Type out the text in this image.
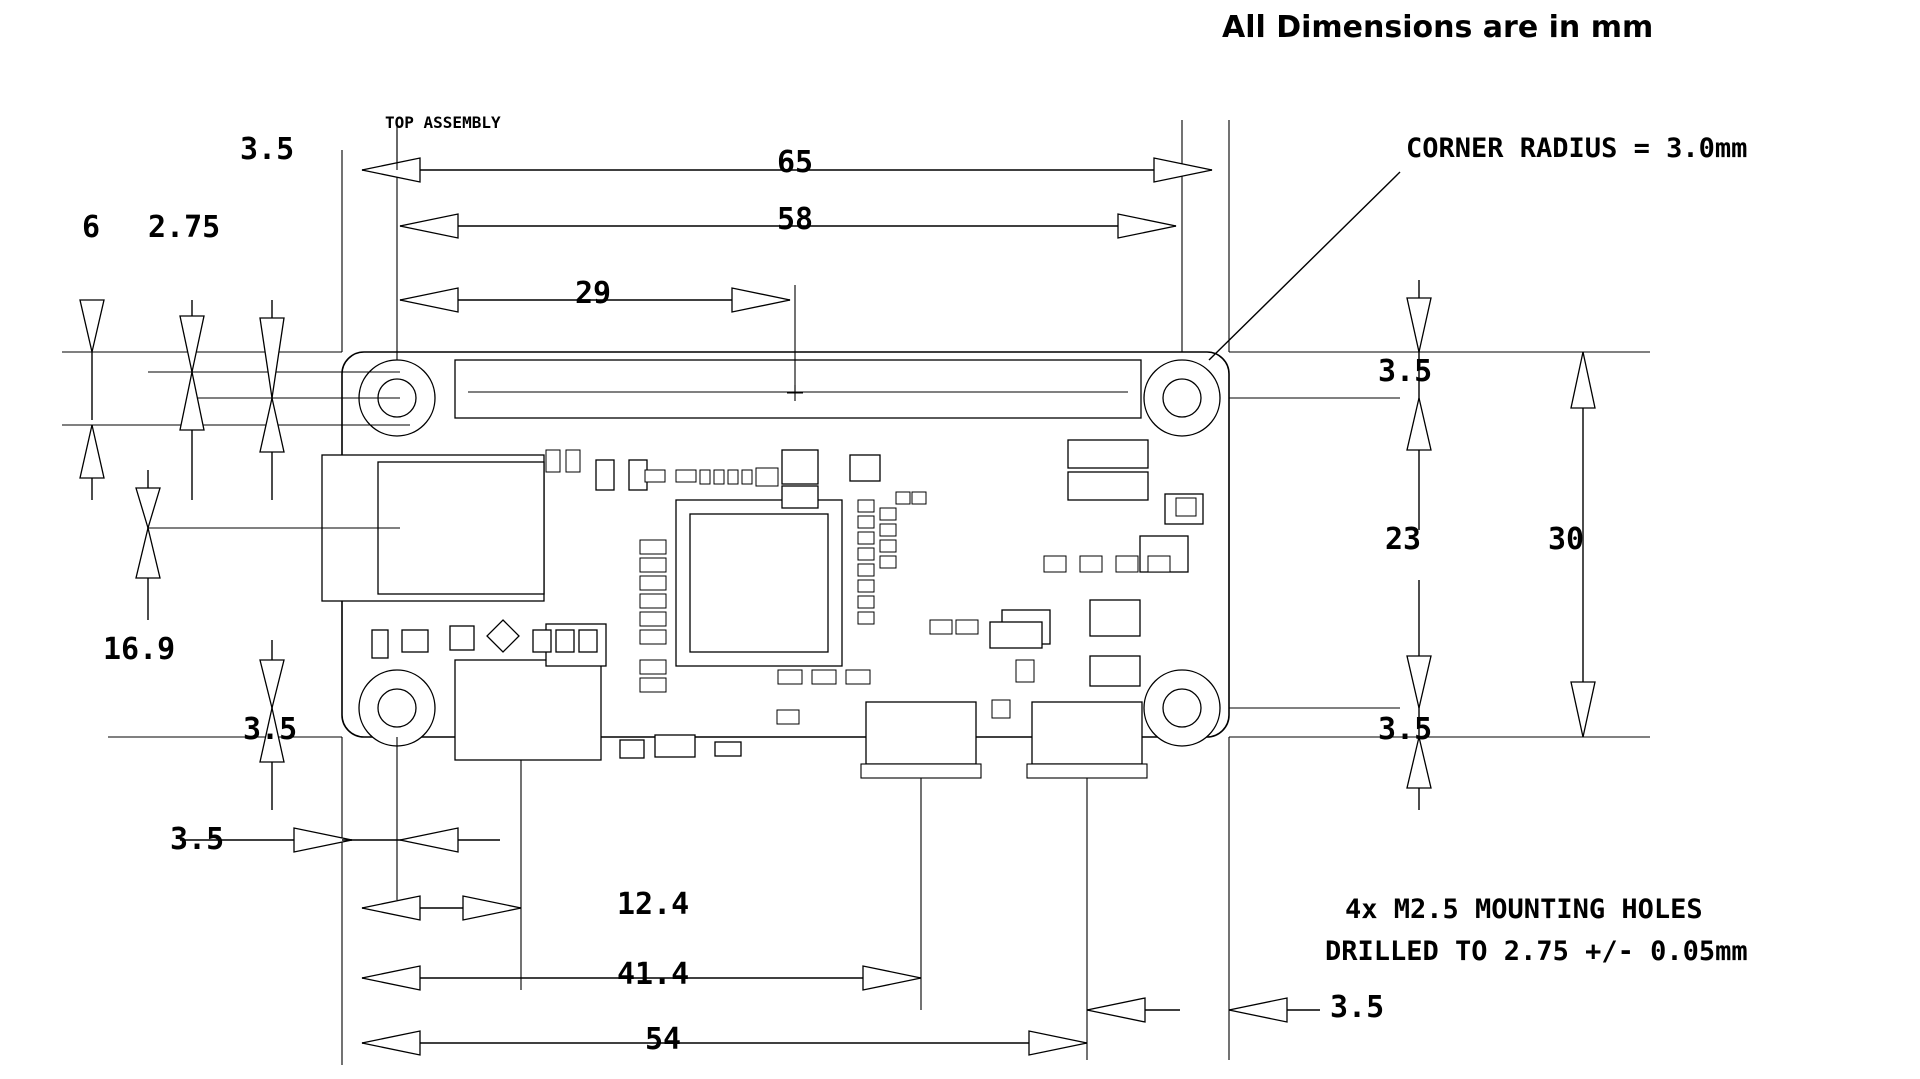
All Dimensions are in mm
TOP ASSEMBLY
CORNER RADIUS = 3.0mm
65
58
29
6 2.75
3.5
16.9
3.5
3.5
3.5
23	30
3.5
12.4
41.4
54
3.5
4x M2.5 MOUNTING HOLES
DRILLED TO 2.75 +/- 0.05mm
